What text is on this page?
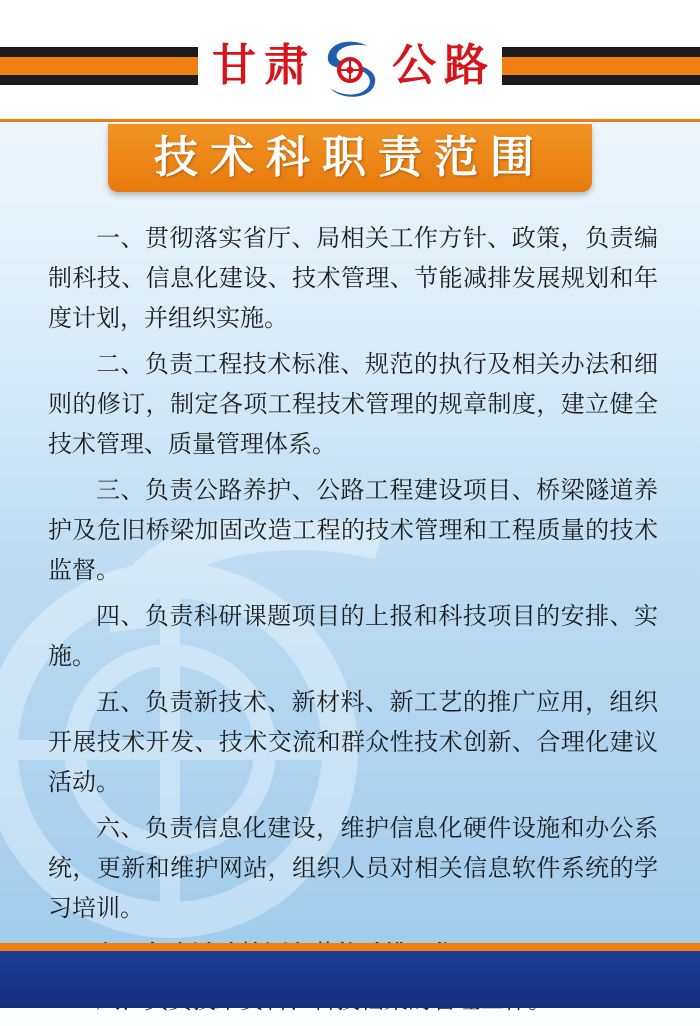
甘肃 公路
技术科职责范围

一、贯彻落实省厅、局相关工作方针、政策，负责编制科技、信息化建设、技术管理、节能减排发展规划和年度计划，并组织实施。

二、负责工程技术标准、规范的执行及相关办法和细则的修订，制定各项工程技术管理的规章制度，建立健全技术管理、质量管理体系。

三、负责公路养护、公路工程建设项目、桥梁隧道养护及危旧桥梁加固改造工程的技术管理和工程质量的技术监督。

四、负责科研课题项目的上报和科技项目的安排、实施。

五、负责新技术、新材料、新工艺的推广应用，组织开展技术开发、技术交流和群众性技术创新、合理化建议活动。

六、负责信息化建设，维护信息化硬件设施和办公系统，更新和维护网站，组织人员对相关信息软件系统的学习培训。
